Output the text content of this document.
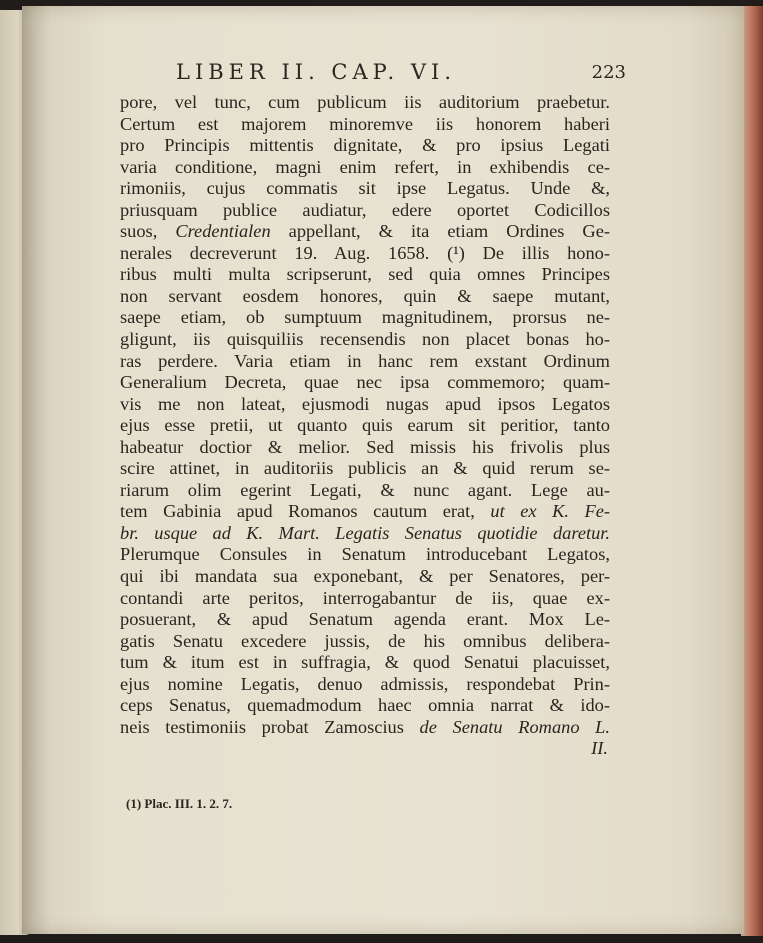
LIBER II. CAP. VI.	223
pore, vel tunc, cum publicum iis auditorium praebetur.
Certum est majorem minoremve iis honorem haberi
pro Principis mittentis dignitate, & pro ipsius Legati
varia conditione, magni enim refert, in exhibendis ce-
rimoniis, cujus commatis sit ipse Legatus. Unde &,
priusquam publice audiatur, edere oportet Codicillos
suos, Credentialen appellant, & ita etiam Ordines Ge-
nerales decreverunt 19. Aug. 1658. (¹) De illis hono-
ribus multi multa scripserunt, sed quia omnes Principes
non servant eosdem honores, quin & saepe mutant,
saepe etiam, ob sumptuum magnitudinem, prorsus ne-
gligunt, iis quisquiliis recensendis non placet bonas ho-
ras perdere. Varia etiam in hanc rem exstant Ordinum
Generalium Decreta, quae nec ipsa commemoro; quam-
vis me non lateat, ejusmodi nugas apud ipsos Legatos
ejus esse pretii, ut quanto quis earum sit peritior, tanto
habeatur doctior & melior. Sed missis his frivolis plus
scire attinet, in auditoriis publicis an & quid rerum se-
riarum olim egerint Legati, & nunc agant. Lege au-
tem Gabinia apud Romanos cautum erat, ut ex K. Fe-
br. usque ad K. Mart. Legatis Senatus quotidie daretur.
Plerumque Consules in Senatum introducebant Legatos,
qui ibi mandata sua exponebant, & per Senatores, per-
contandi arte peritos, interrogabantur de iis, quae ex-
posuerant, & apud Senatum agenda erant. Mox Le-
gatis Senatu excedere jussis, de his omnibus delibera-
tum & itum est in suffragia, & quod Senatui placuisset,
ejus nomine Legatis, denuo admissis, respondebat Prin-
ceps Senatus, quemadmodum haec omnia narrat & ido-
neis testimoniis probat Zamoscius de Senatu Romano L.
II.
(1) Plac. III. 1. 2. 7.
